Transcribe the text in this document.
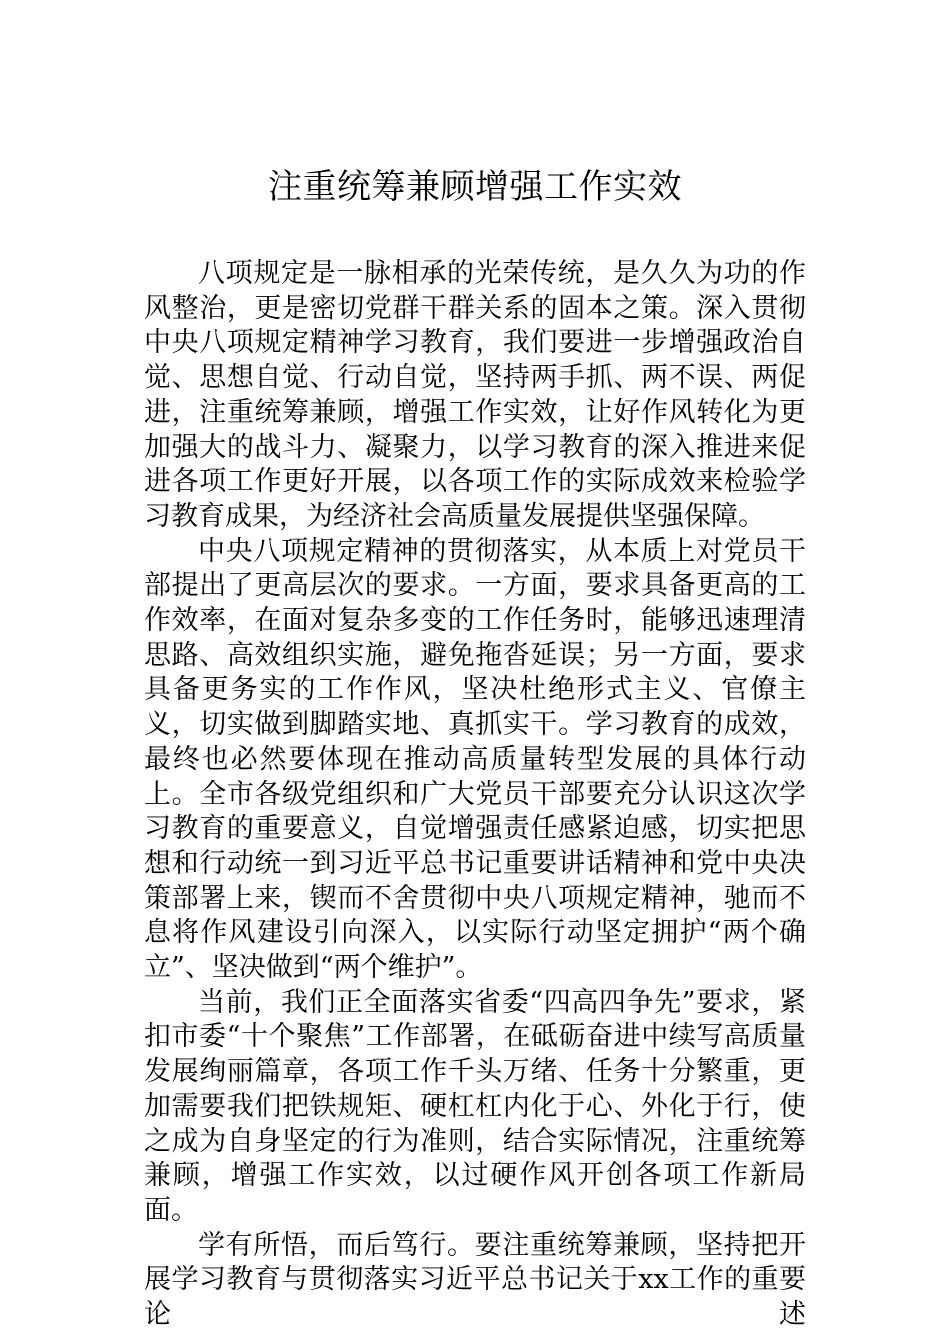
注重统筹兼顾增强工作实效

八项规定是一脉相承的光荣传统，是久久为功的作风整治，更是密切党群干群关系的固本之策。深入贯彻中央八项规定精神学习教育，我们要进一步增强政治自觉、思想自觉、行动自觉，坚持两手抓、两不误、两促进，注重统筹兼顾，增强工作实效，让好作风转化为更加强大的战斗力、凝聚力，以学习教育的深入推进来促进各项工作更好开展，以各项工作的实际成效来检验学习教育成果，为经济社会高质量发展提供坚强保障。

中央八项规定精神的贯彻落实，从本质上对党员干部提出了更高层次的要求。一方面，要求具备更高的工作效率，在面对复杂多变的工作任务时，能够迅速理清思路、高效组织实施，避免拖沓延误；另一方面，要求具备更务实的工作作风，坚决杜绝形式主义、官僚主义，切实做到脚踏实地、真抓实干。学习教育的成效，最终也必然要体现在推动高质量转型发展的具体行动上。全市各级党组织和广大党员干部要充分认识这次学习教育的重要意义，自觉增强责任感紧迫感，切实把思想和行动统一到习近平总书记重要讲话精神和党中央决策部署上来，锲而不舍贯彻中央八项规定精神，驰而不息将作风建设引向深入，以实际行动坚定拥护“两个确立”、坚决做到“两个维护”。

当前，我们正全面落实省委“四高四争先”要求，紧扣市委“十个聚焦”工作部署，在砥砺奋进中续写高质量发展绚丽篇章，各项工作千头万绪、任务十分繁重，更加需要我们把铁规矩、硬杠杠内化于心、外化于行，使之成为自身坚定的行为准则，结合实际情况，注重统筹兼顾，增强工作实效，以过硬作风开创各项工作新局面。

学有所悟，而后笃行。要注重统筹兼顾，坚持把开展学习教育与贯彻落实习近平总书记关于xx工作的重要论述
